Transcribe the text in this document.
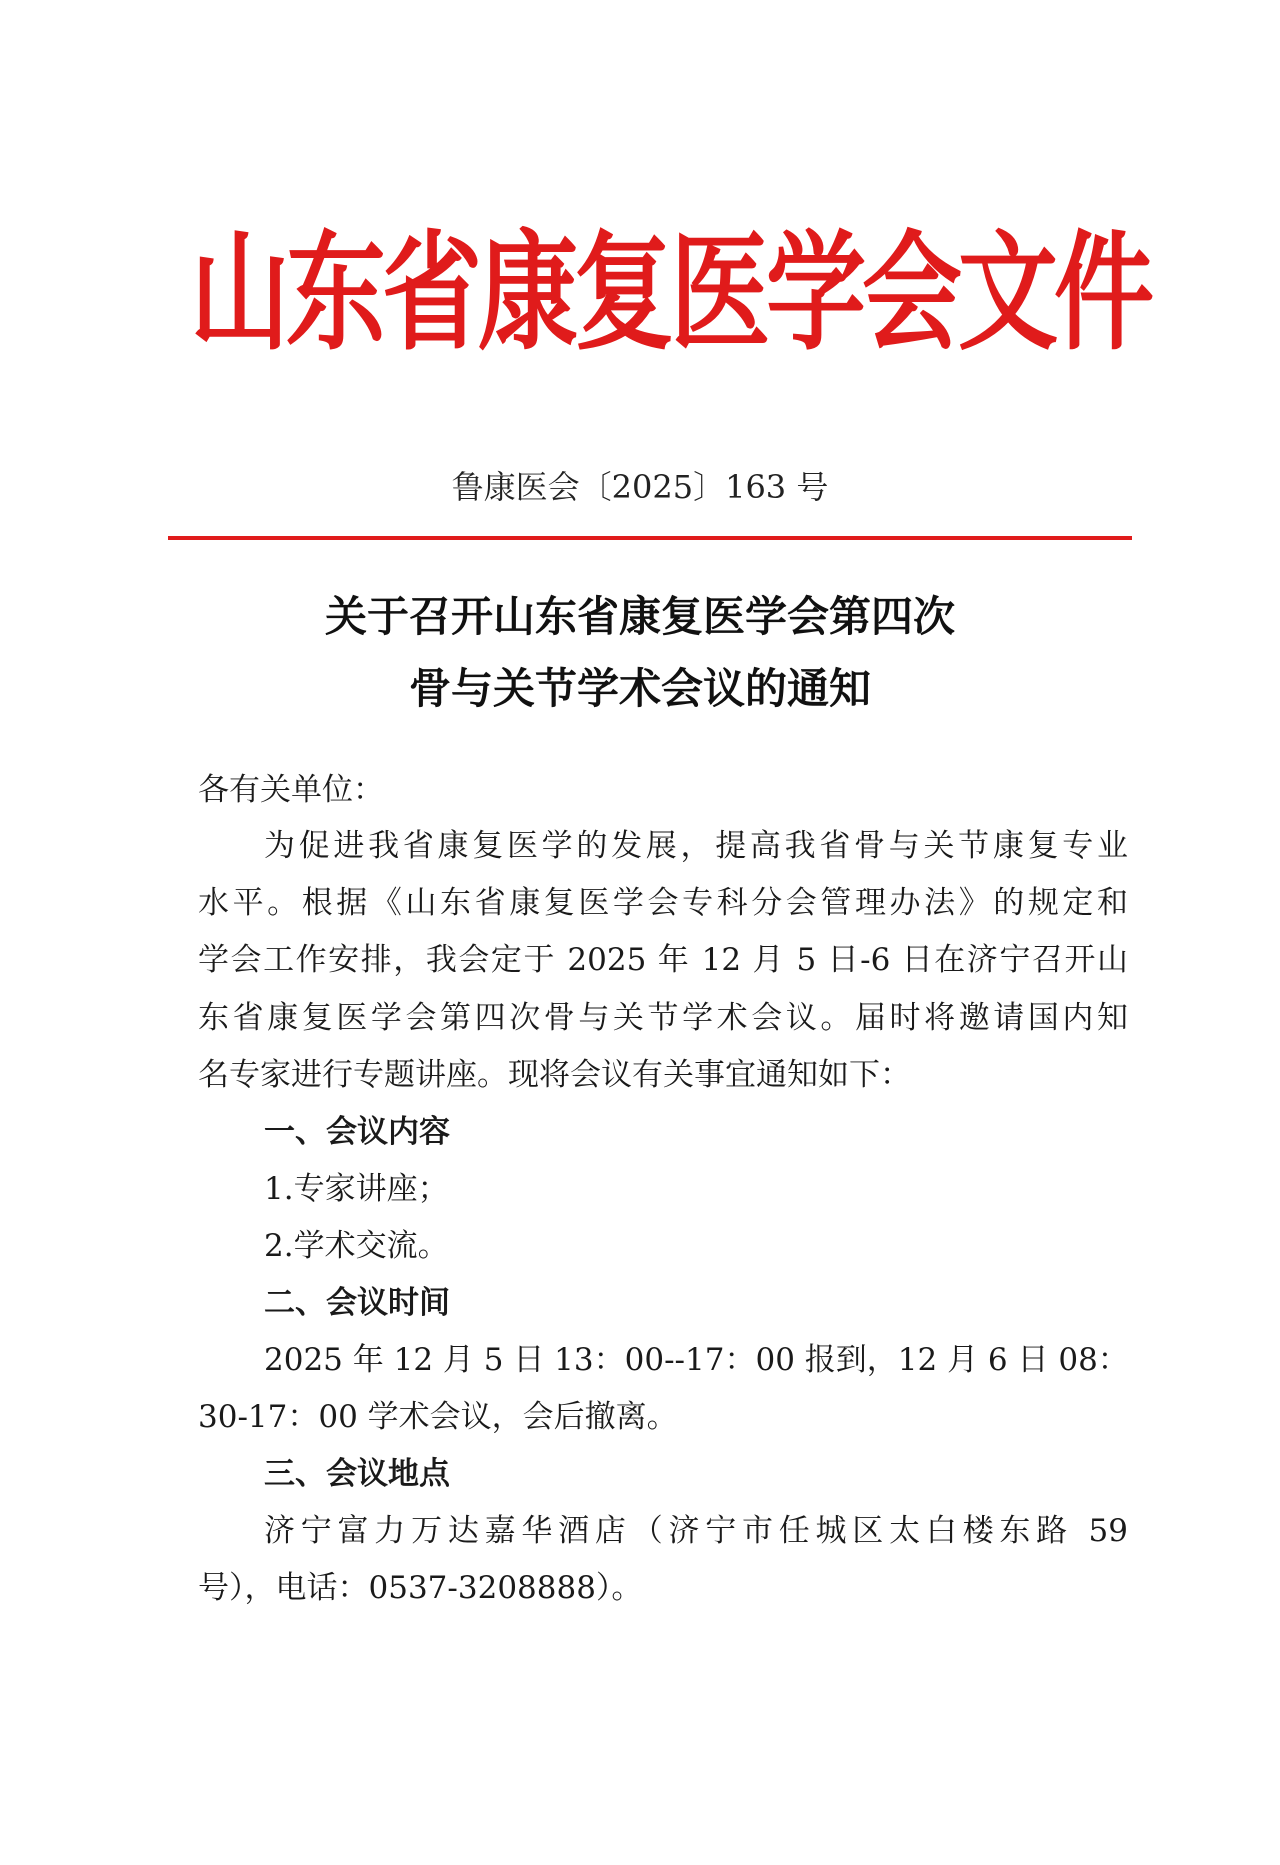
山东省康复医学会文件
鲁康医会〔2025〕163 号
关于召开山东省康复医学会第四次
骨与关节学术会议的通知
各有关单位：
为促进我省康复医学的发展，提高我省骨与关节康复专业
水平。根据《山东省康复医学会专科分会管理办法》的规定和
学会工作安排，我会定于 2025 年 12 月 5 日-6 日在济宁召开山
东省康复医学会第四次骨与关节学术会议。届时将邀请国内知
名专家进行专题讲座。现将会议有关事宜通知如下：
一、会议内容
1.专家讲座；
2.学术交流。
二、会议时间
2025 年 12 月 5 日 13：00--17：00 报到，12 月 6 日 08：
30-17：00 学术会议，会后撤离。
三、会议地点
济宁富力万达嘉华酒店（济宁市任城区太白楼东路 59
号），电话：0537-3208888）。
